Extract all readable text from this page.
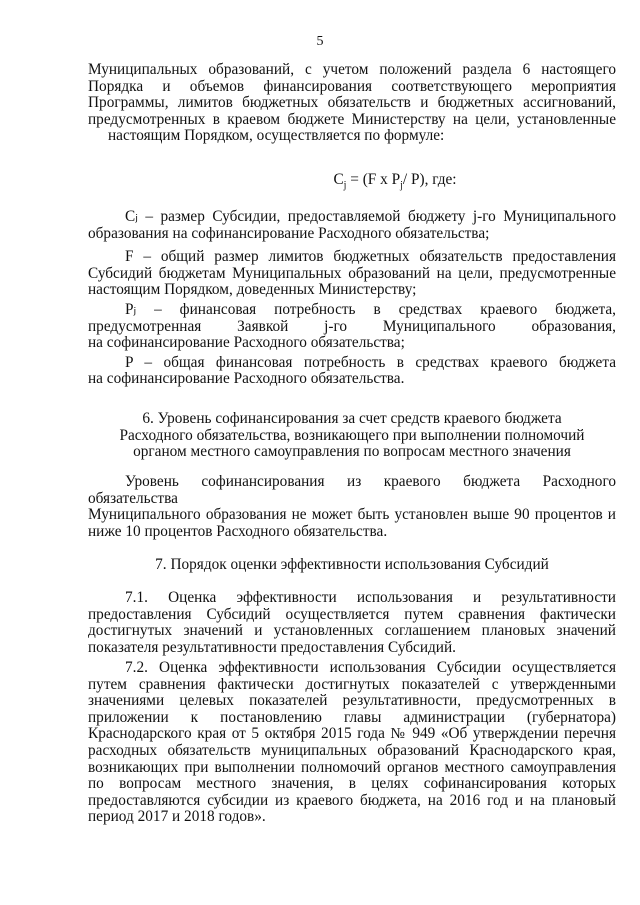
5
Муниципальных образований, с учетом положений раздела 6 настоящего
Порядка и объемов финансирования соответствующего мероприятия
Программы, лимитов бюджетных обязательств и бюджетных ассигнований,
предусмотренных в краевом бюджете Министерству на цели, установленные
настоящим Порядком, осуществляется по формуле:
$C_j = (F$ x $P_j/$ P), где:
Cⱼ – размер Субсидии, предоставляемой бюджету j-го Муниципального
образования на софинансирование Расходного обязательства;
F – общий размер лимитов бюджетных обязательств предоставления
Субсидий бюджетам Муниципальных образований на цели, предусмотренные
настоящим Порядком, доведенных Министерству;
Pⱼ – финансовая потребность в средствах краевого бюджета,
предусмотренная Заявкой j-го Муниципального образования,
на софинансирование Расходного обязательства;
P – общая финансовая потребность в средствах краевого бюджета
на софинансирование Расходного обязательства.
6. Уровень софинансирования за счет средств краевого бюджета
Расходного обязательства, возникающего при выполнении полномочий
органом местного самоуправления по вопросам местного значения
Уровень софинансирования из краевого бюджета Расходного обязательства
Муниципального образования не может быть установлен выше 90 процентов и
ниже 10 процентов Расходного обязательства.
7. Порядок оценки эффективности использования Субсидий
7.1. Оценка эффективности использования и результативности
предоставления Субсидий осуществляется путем сравнения фактически
достигнутых значений и установленных соглашением плановых значений
показателя результативности предоставления Субсидий.
7.2. Оценка эффективности использования Субсидии осуществляется
путем сравнения фактически достигнутых показателей с утвержденными
значениями целевых показателей результативности, предусмотренных в
приложении к постановлению главы администрации (губернатора)
Краснодарского края от 5 октября 2015 года № 949 «Об утверждении перечня
расходных обязательств муниципальных образований Краснодарского края,
возникающих при выполнении полномочий органов местного самоуправления
по вопросам местного значения, в целях софинансирования которых
предоставляются субсидии из краевого бюджета, на 2016 год и на плановый
период 2017 и 2018 годов».
